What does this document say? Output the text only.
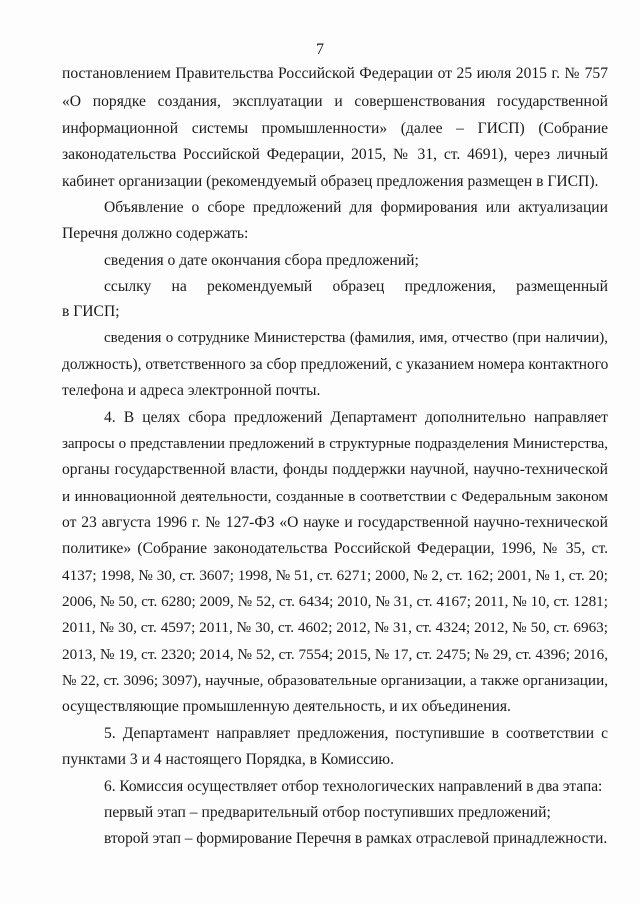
7
постановлением Правительства Российской Федерации от 25 июля 2015 г. № 757
«О порядке создания, эксплуатации и совершенствования государственной
информационной системы промышленности» (далее – ГИСП) (Собрание
законодательства Российской Федерации, 2015, № 31, ст. 4691), через личный
кабинет организации (рекомендуемый образец предложения размещен в ГИСП).
Объявление о сборе предложений для формирования или актуализации
Перечня должно содержать:
сведения о дате окончания сбора предложений;
ссылку на рекомендуемый образец предложения, размещенный
в ГИСП;
сведения о сотруднике Министерства (фамилия, имя, отчество (при наличии),
должность), ответственного за сбор предложений, с указанием номера контактного
телефона и адреса электронной почты.
4. В целях сбора предложений Департамент дополнительно направляет
запросы о представлении предложений в структурные подразделения Министерства,
органы государственной власти, фонды поддержки научной, научно-технической
и инновационной деятельности, созданные в соответствии с Федеральным законом
от 23 августа 1996 г. № 127-ФЗ «О науке и государственной научно-технической
политике» (Собрание законодательства Российской Федерации, 1996, № 35, ст.
4137; 1998, № 30, ст. 3607; 1998, № 51, ст. 6271; 2000, № 2, ст. 162; 2001, № 1, ст. 20;
2006, № 50, ст. 6280; 2009, № 52, ст. 6434; 2010, № 31, ст. 4167; 2011, № 10, ст. 1281;
2011, № 30, ст. 4597; 2011, № 30, ст. 4602; 2012, № 31, ст. 4324; 2012, № 50, ст. 6963;
2013, № 19, ст. 2320; 2014, № 52, ст. 7554; 2015, № 17, ст. 2475; № 29, ст. 4396; 2016,
№ 22, ст. 3096; 3097), научные, образовательные организации, а также организации,
осуществляющие промышленную деятельность, и их объединения.
5. Департамент направляет предложения, поступившие в соответствии с
пунктами 3 и 4 настоящего Порядка, в Комиссию.
6. Комиссия осуществляет отбор технологических направлений в два этапа:
первый этап – предварительный отбор поступивших предложений;
второй этап – формирование Перечня в рамках отраслевой принадлежности.
